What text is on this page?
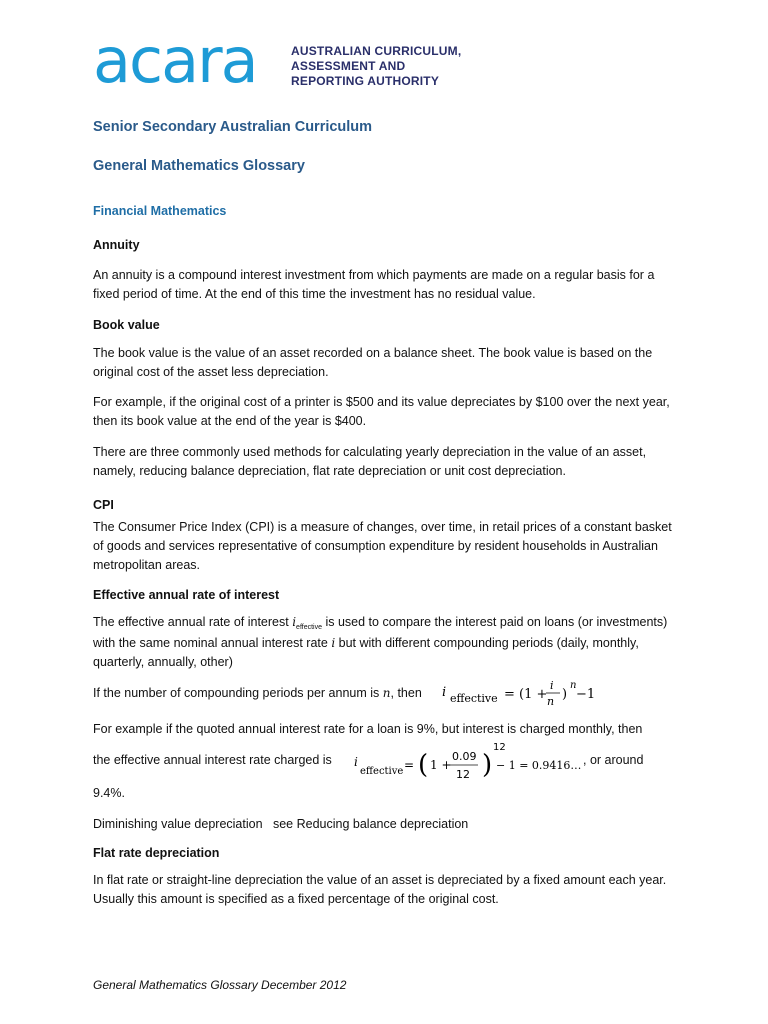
acara	AUSTRALIAN CURRICULUM,
ASSESSMENT AND
REPORTING AUTHORITY
Senior Secondary Australian Curriculum
General Mathematics Glossary
Financial Mathematics
Annuity

An annuity is a compound interest investment from which payments are made on a regular basis for a fixed period of time. At the end of this time the investment has no residual value.

Book value

The book value is the value of an asset recorded on a balance sheet. The book value is based on the original cost of the asset less depreciation.

For example, if the original cost of a printer is $500 and its value depreciates by $100 over the next year, then its book value at the end of the year is $400.

There are three commonly used methods for calculating yearly depreciation in the value of an asset, namely, reducing balance depreciation, flat rate depreciation or unit cost depreciation.

CPI

The Consumer Price Index (CPI) is a measure of changes, over time, in retail prices of a constant basket of goods and services representative of consumption expenditure by resident households in Australian metropolitan areas.

Effective annual rate of interest

The effective annual rate of interest $i_{effective}$ is used to compare the interest paid on loans (or investments) with the same nominal annual interest rate i but with different compounding periods (daily, monthly, quarterly, annually, other)

If the number of compounding periods per annum is n, then	i effective = (1 +
i
n )
n
−1

For example if the quoted annual interest rate for a loan is 9%, but interest is charged monthly, then

the effective annual interest rate charged is	i
effective = ( 1 +
0.09
12 )
12
− 1 = 0.9416… , or around

9.4%.

Diminishing value depreciation see Reducing balance depreciation

Flat rate depreciation

In flat rate or straight-line depreciation the value of an asset is depreciated by a fixed amount each year. Usually this amount is specified as a fixed percentage of the original cost.

General Mathematics Glossary December 2012
